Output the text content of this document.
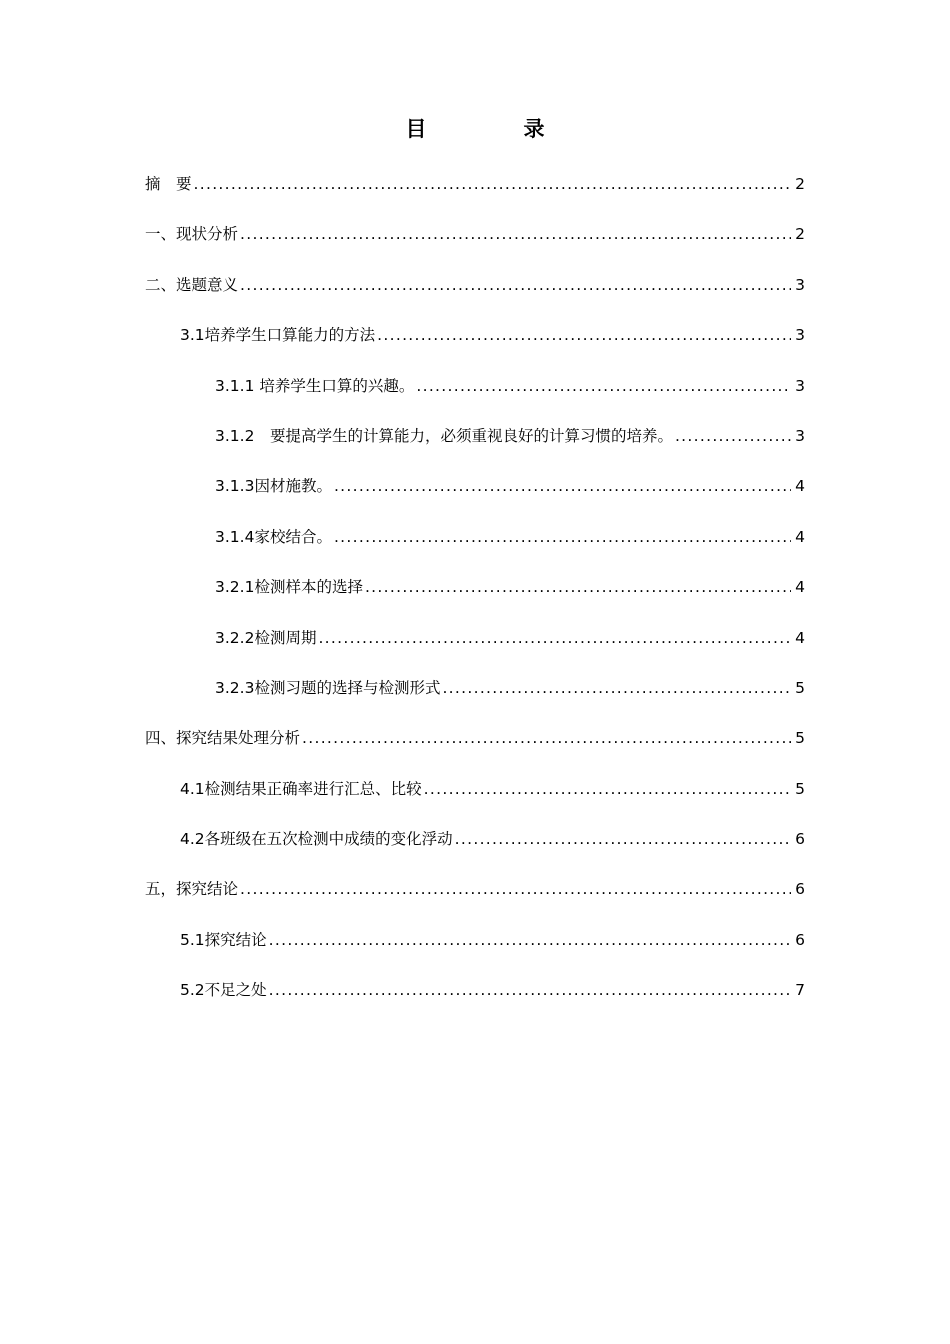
目　录
摘　要 .....	2
一、现状分析 .....	2
二、选题意义 .....	3
3.1培养学生口算能力的方法 .....	3
3.1.1 培养学生口算的兴趣。 .....	3
3.1.2　要提高学生的计算能力，必须重视良好的计算习惯的培养。 .....	3
3.1.3因材施教。 .....	4
3.1.4家校结合。 .....	4
3.2.1检测样本的选择 .....	4
3.2.2检测周期 .....	4
3.2.3检测习题的选择与检测形式 .....	5
四、探究结果处理分析 .....	5
4.1检测结果正确率进行汇总、比较 .....	5
4.2各班级在五次检测中成绩的变化浮动 .....	6
五，探究结论 .....	6
5.1探究结论 .....	6
5.2不足之处 .....	7
